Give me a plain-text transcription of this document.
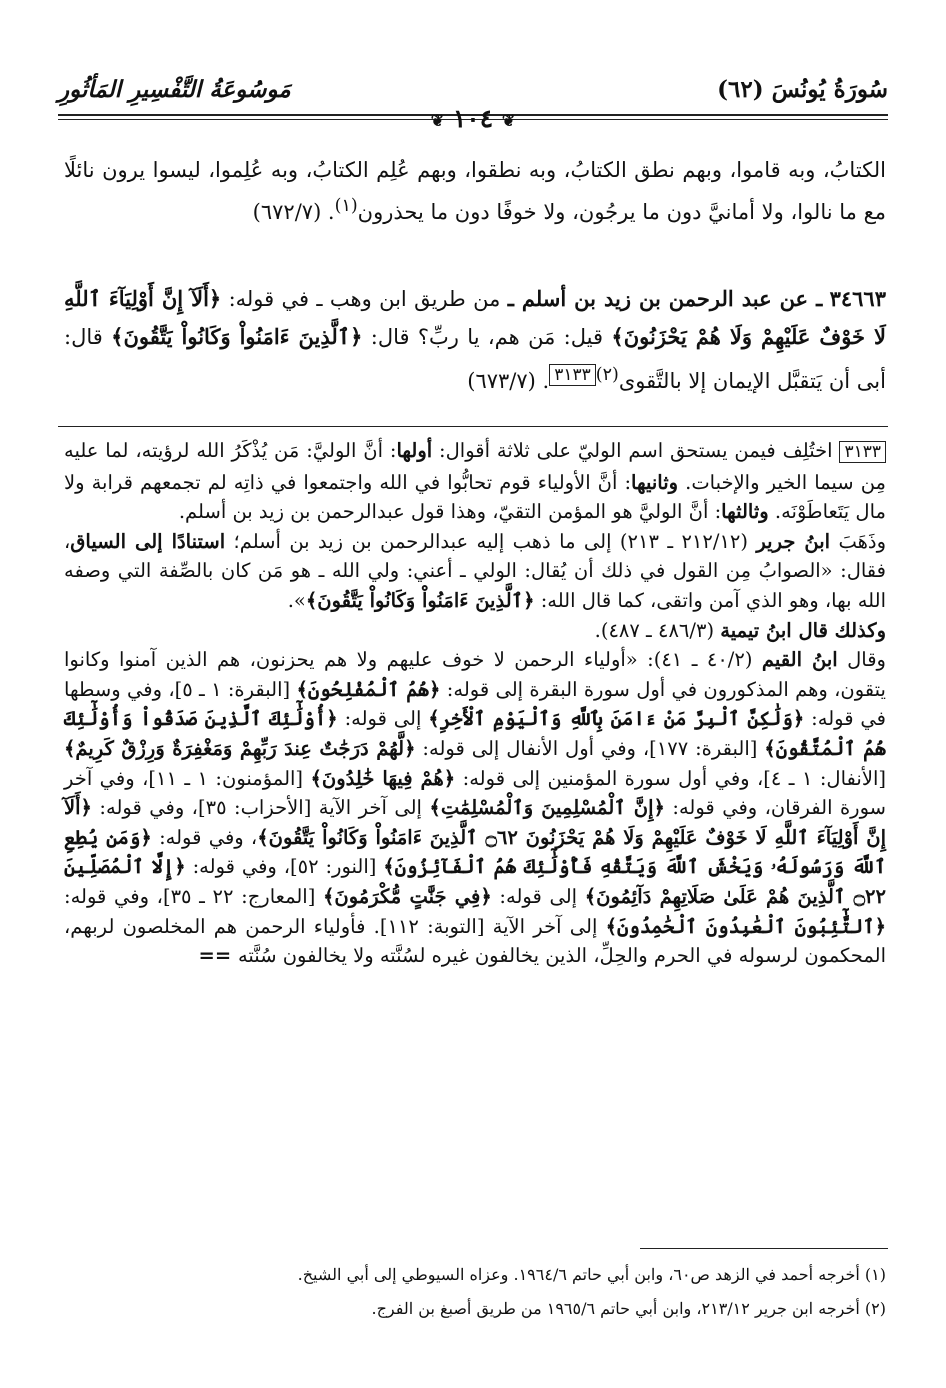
سُورَةُ يُونُسَ (٦٢)
مَوسُوعَةُ التَّفْسِيرِ المَأثُورِ
❦ ١٠٤ ❦
الكتابُ، وبه قاموا، وبهم نطق الكتابُ، وبه نطقوا، وبهم عُلِم الكتابُ، وبه عُلِموا، ليسوا يرون نائلًا مع ما نالوا، ولا أمانيَّ دون ما يرجُون، ولا خوفًا دون ما يحذرون$^{(١)}$. (٦٧٢/٧)
٣٤٦٦٣ ـ عن عبد الرحمن بن زيد بن أسلم ـ من طريق ابن وهب ـ في قوله: ﴿أَلَآ إِنَّ أَوْلِيَآءَ ٱللَّهِ لَا خَوْفٌ عَلَيْهِمْ وَلَا هُمْ يَحْزَنُونَ﴾ قيل: مَن هم، يا ربِّ؟ قال: ﴿ٱلَّذِينَ ءَامَنُواْ وَكَانُواْ يَتَّقُونَ﴾ قال: أبى أن يَتقبَّل الإيمان إلا بالتَّقوى$^{(٢)٣١٣٣}$. (٦٧٣/٧)
٣١٣٣ اختُلِف فيمن يستحق اسم الوليّ على ثلاثة أقوال: أولها: أنَّ الوليَّ: مَن يُذْكَرُ الله لرؤيته، لما عليه مِن سيما الخير والإخبات. وثانيها: أنَّ الأولياء قوم تحابُّوا في الله واجتمعوا في ذاتِه لم تجمعهم قرابة ولا مال يَتَعاطَوْنَه. وثالثها: أنَّ الوليَّ هو المؤمن التقيّ، وهذا قول عبدالرحمن بن زيد بن أسلم.
وذَهَبَ ابنُ جرير (٢١٢/١٢ ـ ٢١٣) إلى ما ذهب إليه عبدالرحمن بن زيد بن أسلم؛ استنادًا إلى السياق، فقال: «الصوابُ مِن القول في ذلك أن يُقال: الولي ـ أعني: ولي الله ـ هو مَن كان بالصِّفة التي وصفه الله بها، وهو الذي آمن واتقى، كما قال الله: ﴿ٱلَّذِينَ ءَامَنُواْ وَكَانُواْ يَتَّقُونَ﴾».
وكذلك قال ابنُ تيمية (٤٨٦/٣ ـ ٤٨٧).
وقال ابنُ القيم (٤٠/٢ ـ ٤١): «أولياء الرحمن لا خوف عليهم ولا هم يحزنون، هم الذين آمنوا وكانوا يتقون، وهم المذكورون في أول سورة البقرة إلى قوله: ﴿هُمُ ٱلْمُفْلِحُونَ﴾ [البقرة: ١ ـ ٥]، وفي وسطها في قوله: ﴿وَلَٰكِنَّ ٱلْبِرَّ مَنْ ءَامَنَ بِٱللَّهِ وَٱلْيَوْمِ ٱلْأَخِرِ﴾ إلى قوله: ﴿أُوْلَٰٓئِكَ ٱلَّذِينَ صَدَقُواْ وَأُوْلَٰٓئِكَ هُمُ ٱلْمُتَّقُونَ﴾ [البقرة: ١٧٧]، وفي أول الأنفال إلى قوله: ﴿لَّهُمْ دَرَجَٰتٌ عِندَ رَبِّهِمْ وَمَغْفِرَةٌ وَرِزْقٌ كَرِيمٌ﴾ [الأنفال: ١ ـ ٤]، وفي أول سورة المؤمنين إلى قوله: ﴿هُمْ فِيهَا خَٰلِدُونَ﴾ [المؤمنون: ١ ـ ١١]، وفي آخر سورة الفرقان، وفي قوله: ﴿إِنَّ ٱلْمُسْلِمِينَ وَٱلْمُسْلِمَٰتِ﴾ إلى آخر الآية [الأحزاب: ٣٥]، وفي قوله: ﴿أَلَآ إِنَّ أَوْلِيَآءَ ٱللَّهِ لَا خَوْفٌ عَلَيْهِمْ وَلَا هُمْ يَحْزَنُونَ ۝٦٢ ٱلَّذِينَ ءَامَنُواْ وَكَانُواْ يَتَّقُونَ﴾، وفي قوله: ﴿وَمَن يُطِعِ ٱللَّهَ وَرَسُولَهُۥ وَيَخْشَ ٱللَّهَ وَيَتَّقْهِ فَأُوْلَٰٓئِكَ هُمُ ٱلْفَآئِزُونَ﴾ [النور: ٥٢]، وفي قوله: ﴿إِلَّا ٱلْمُصَلِّينَ ۝٢٢ ٱلَّذِينَ هُمْ عَلَىٰ صَلَاتِهِمْ دَآئِمُونَ﴾ إلى قوله: ﴿فِي جَنَّٰتٍ مُّكْرَمُونَ﴾ [المعارج: ٢٢ ـ ٣٥]، وفي قوله: ﴿ٱلتَّٰٓئِبُونَ ٱلْعَٰبِدُونَ ٱلْحَٰمِدُونَ﴾ إلى آخر الآية [التوبة: ١١٢]. فأولياء الرحمن هم المخلصون لربهم، المحكمون لرسوله في الحرم والحِلِّ، الذين يخالفون غيره لسُنَّته ولا يخالفون سُنَّته ==
(١) أخرجه أحمد في الزهد ص٦٠، وابن أبي حاتم ١٩٦٤/٦. وعزاه السيوطي إلى أبي الشيخ.
(٢) أخرجه ابن جرير ٢١٣/١٢، وابن أبي حاتم ١٩٦٥/٦ من طريق أصبغ بن الفرج.
